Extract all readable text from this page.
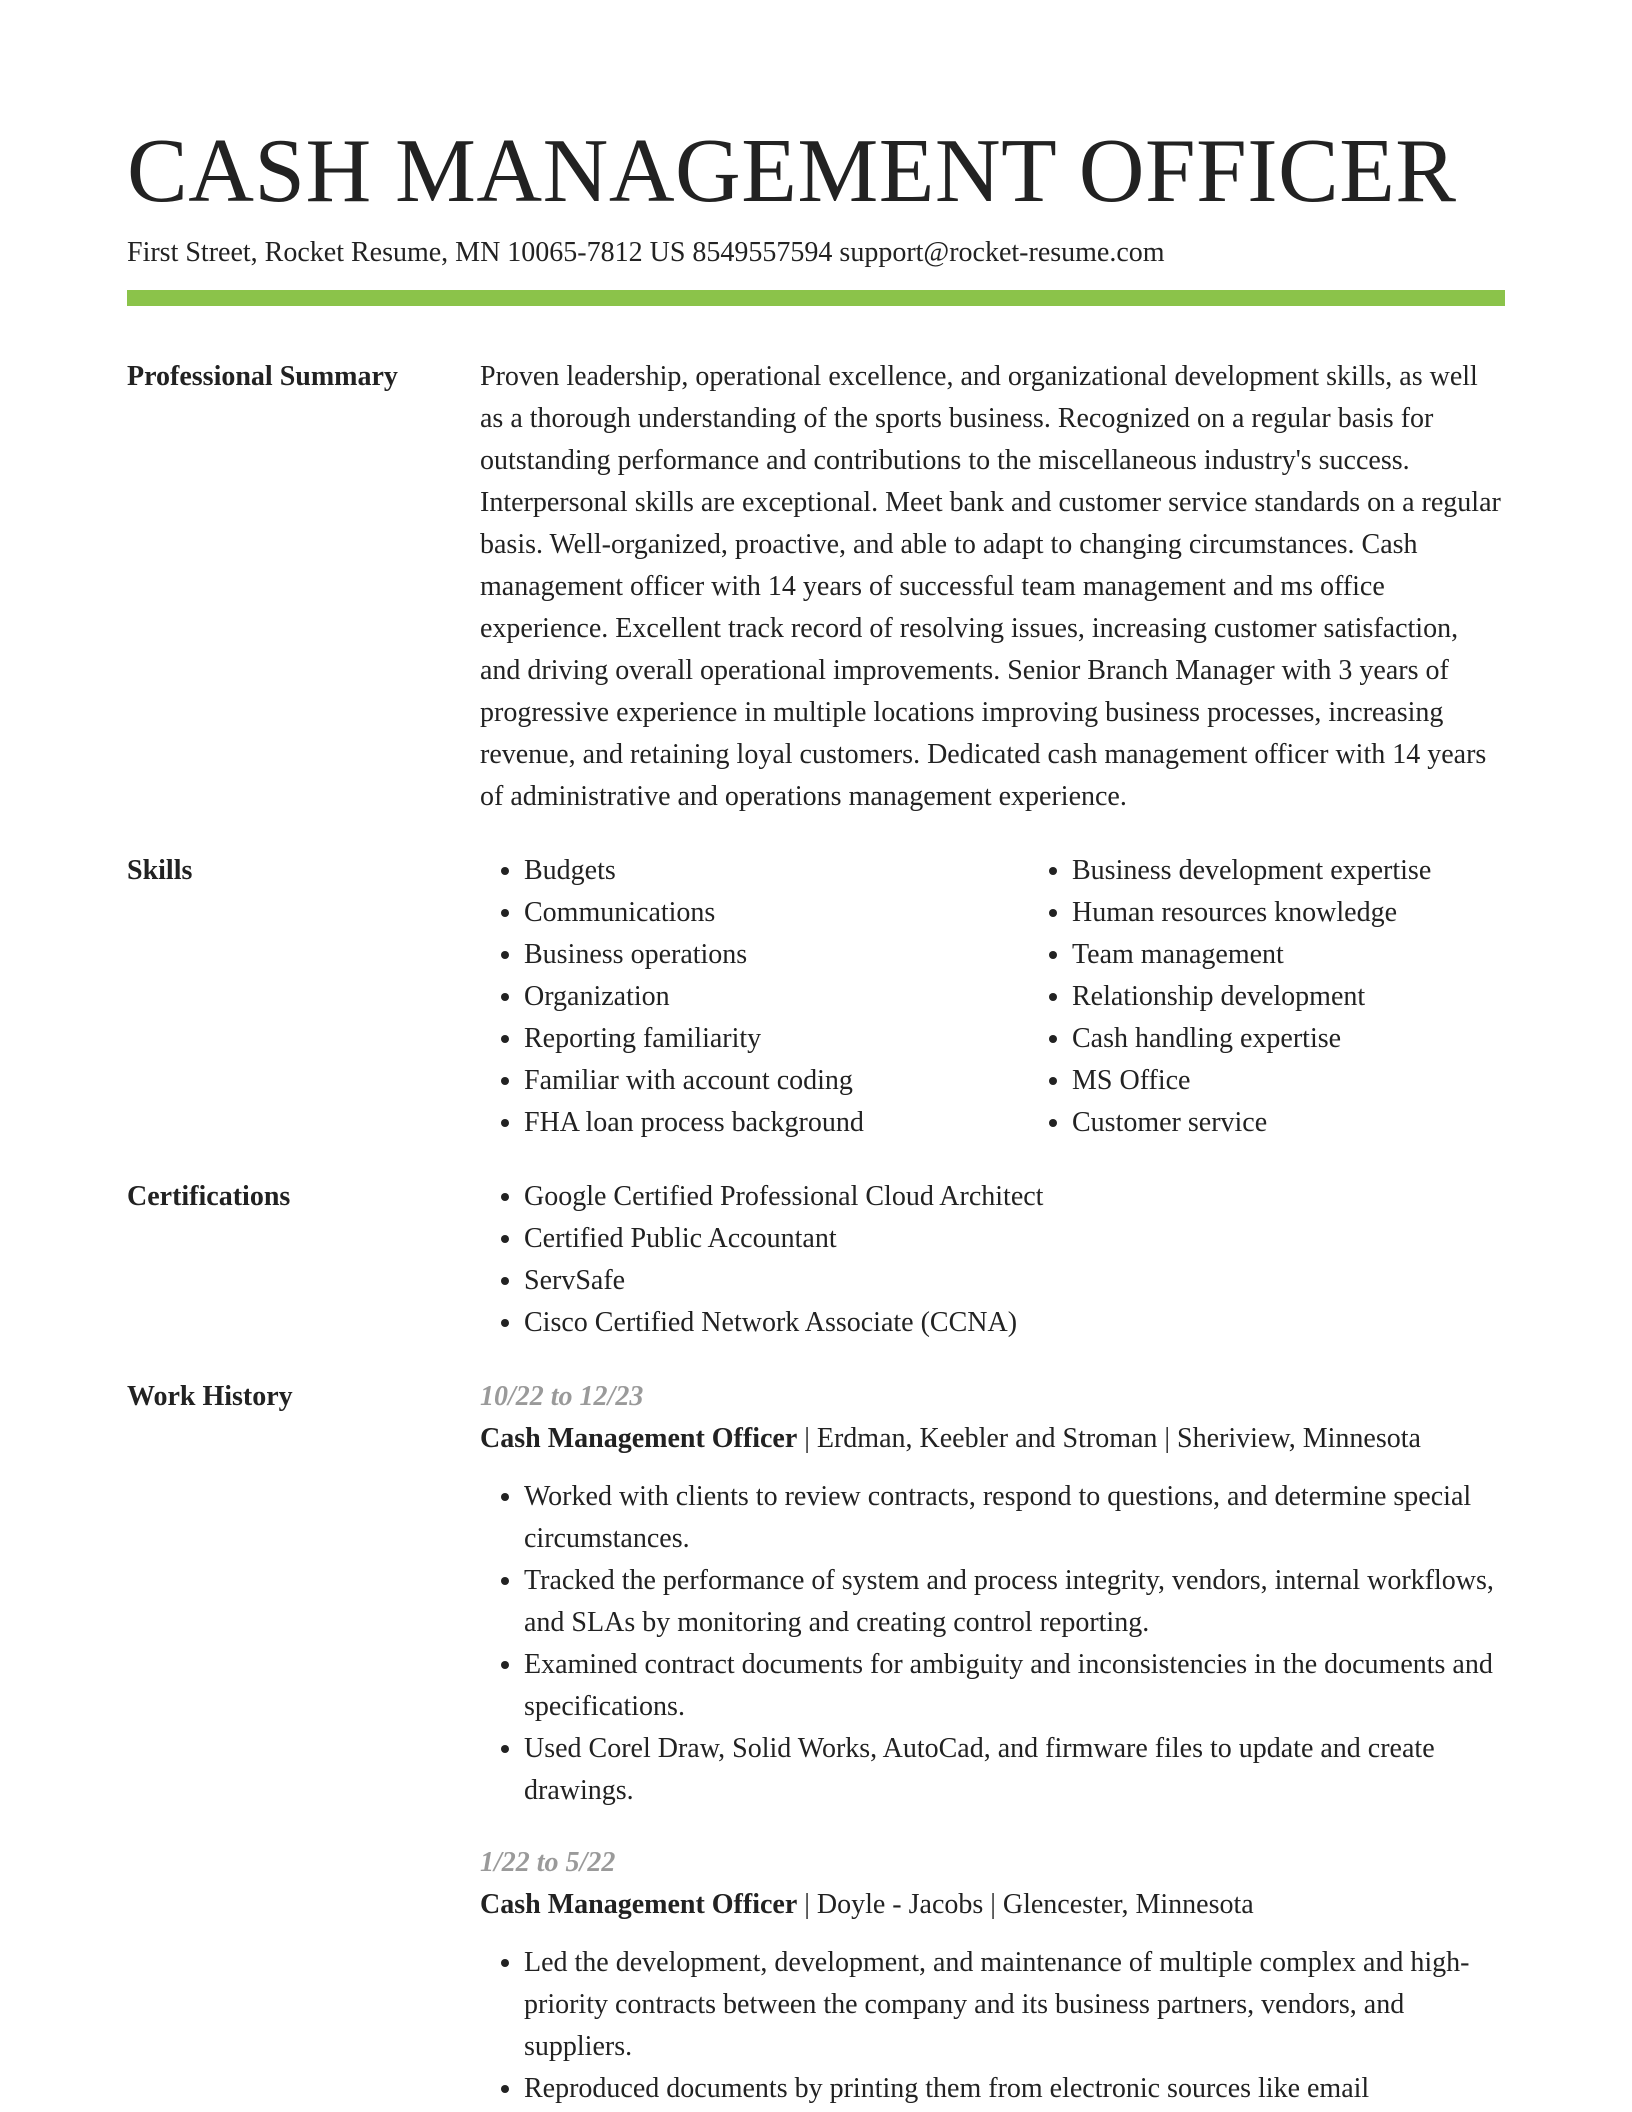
CASH MANAGEMENT OFFICER
First Street, Rocket Resume, MN 10065-7812 US 8549557594 support@rocket-resume.com
Professional Summary	Proven leadership, operational excellence, and organizational development skills, as well as a thorough understanding of the sports business. Recognized on a regular basis for outstanding performance and contributions to the miscellaneous industry's success. Interpersonal skills are exceptional. Meet bank and customer service standards on a regular basis. Well-organized, proactive, and able to adapt to changing circumstances. Cash management officer with 14 years of successful team management and ms office experience. Excellent track record of resolving issues, increasing customer satisfaction, and driving overall operational improvements. Senior Branch Manager with 3 years of progressive experience in multiple locations improving business processes, increasing revenue, and retaining loyal customers. Dedicated cash management officer with 14 years of administrative and operations management experience.

Skills	• Budgets
• Communications
• Business operations
• Organization
• Reporting familiarity
• Familiar with account coding
• FHA loan process background
• Business development expertise
• Human resources knowledge
• Team management
• Relationship development
• Cash handling expertise
• MS Office
• Customer service
Certifications	• Google Certified Professional Cloud Architect
• Certified Public Accountant
• ServSafe
• Cisco Certified Network Associate (CCNA)
Work History	10/22 to 12/23
Cash Management Officer | Erdman, Keebler and Stroman | Sheriview, Minnesota
• Worked with clients to review contracts, respond to questions, and determine special circumstances.
• Tracked the performance of system and process integrity, vendors, internal workflows, and SLAs by monitoring and creating control reporting.
• Examined contract documents for ambiguity and inconsistencies in the documents and specifications.
• Used Corel Draw, Solid Works, AutoCad, and firmware files to update and create drawings.
1/22 to 5/22
Cash Management Officer | Doyle - Jacobs | Glencester, Minnesota
• Led the development, development, and maintenance of multiple complex and high-priority contracts between the company and its business partners, vendors, and suppliers.
• Reproduced documents by printing them from electronic sources like email
